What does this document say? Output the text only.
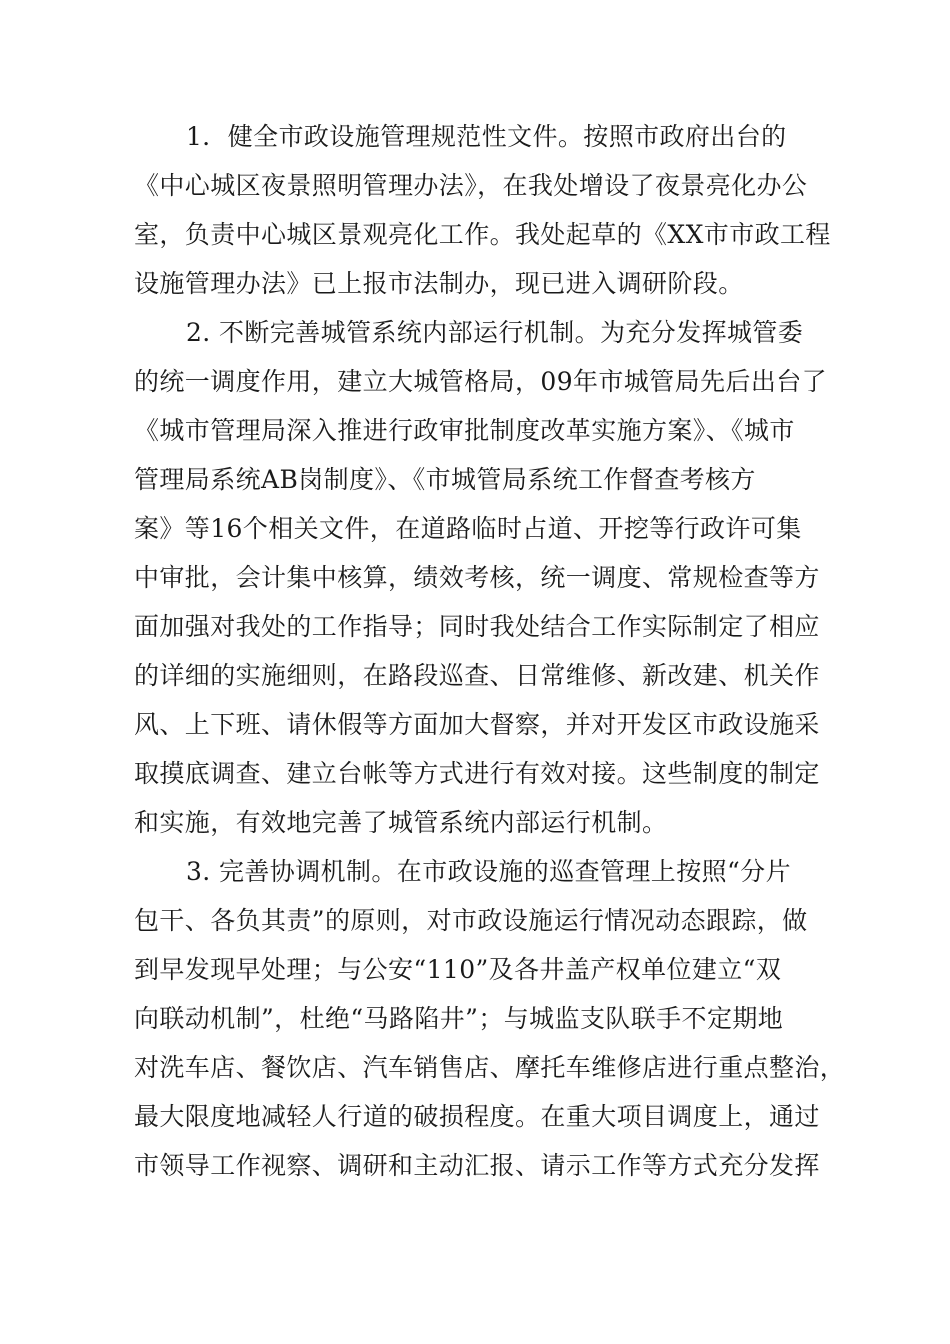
1．健全市政设施管理规范性文件。按照市政府出台的
《中心城区夜景照明管理办法》，在我处增设了夜景亮化办公
室，负责中心城区景观亮化工作。我处起草的《XX市市政工程
设施管理办法》已上报市法制办，现已进入调研阶段。
2. 不断完善城管系统内部运行机制。为充分发挥城管委
的统一调度作用，建立大城管格局，09年市城管局先后出台了
《城市管理局深入推进行政审批制度改革实施方案》、《城市
管理局系统AB岗制度》、《市城管局系统工作督查考核方
案》等16个相关文件，在道路临时占道、开挖等行政许可集
中审批，会计集中核算，绩效考核，统一调度、常规检查等方
面加强对我处的工作指导；同时我处结合工作实际制定了相应
的详细的实施细则，在路段巡查、日常维修、新改建、机关作
风、上下班、请休假等方面加大督察，并对开发区市政设施采
取摸底调查、建立台帐等方式进行有效对接。这些制度的制定
和实施，有效地完善了城管系统内部运行机制。
3. 完善协调机制。在市政设施的巡查管理上按照“分片
包干、各负其责”的原则，对市政设施运行情况动态跟踪，做
到早发现早处理；与公安“110”及各井盖产权单位建立“双
向联动机制”，杜绝“马路陷井”；与城监支队联手不定期地
对洗车店、餐饮店、汽车销售店、摩托车维修店进行重点整治，
最大限度地减轻人行道的破损程度。在重大项目调度上，通过
市领导工作视察、调研和主动汇报、请示工作等方式充分发挥
